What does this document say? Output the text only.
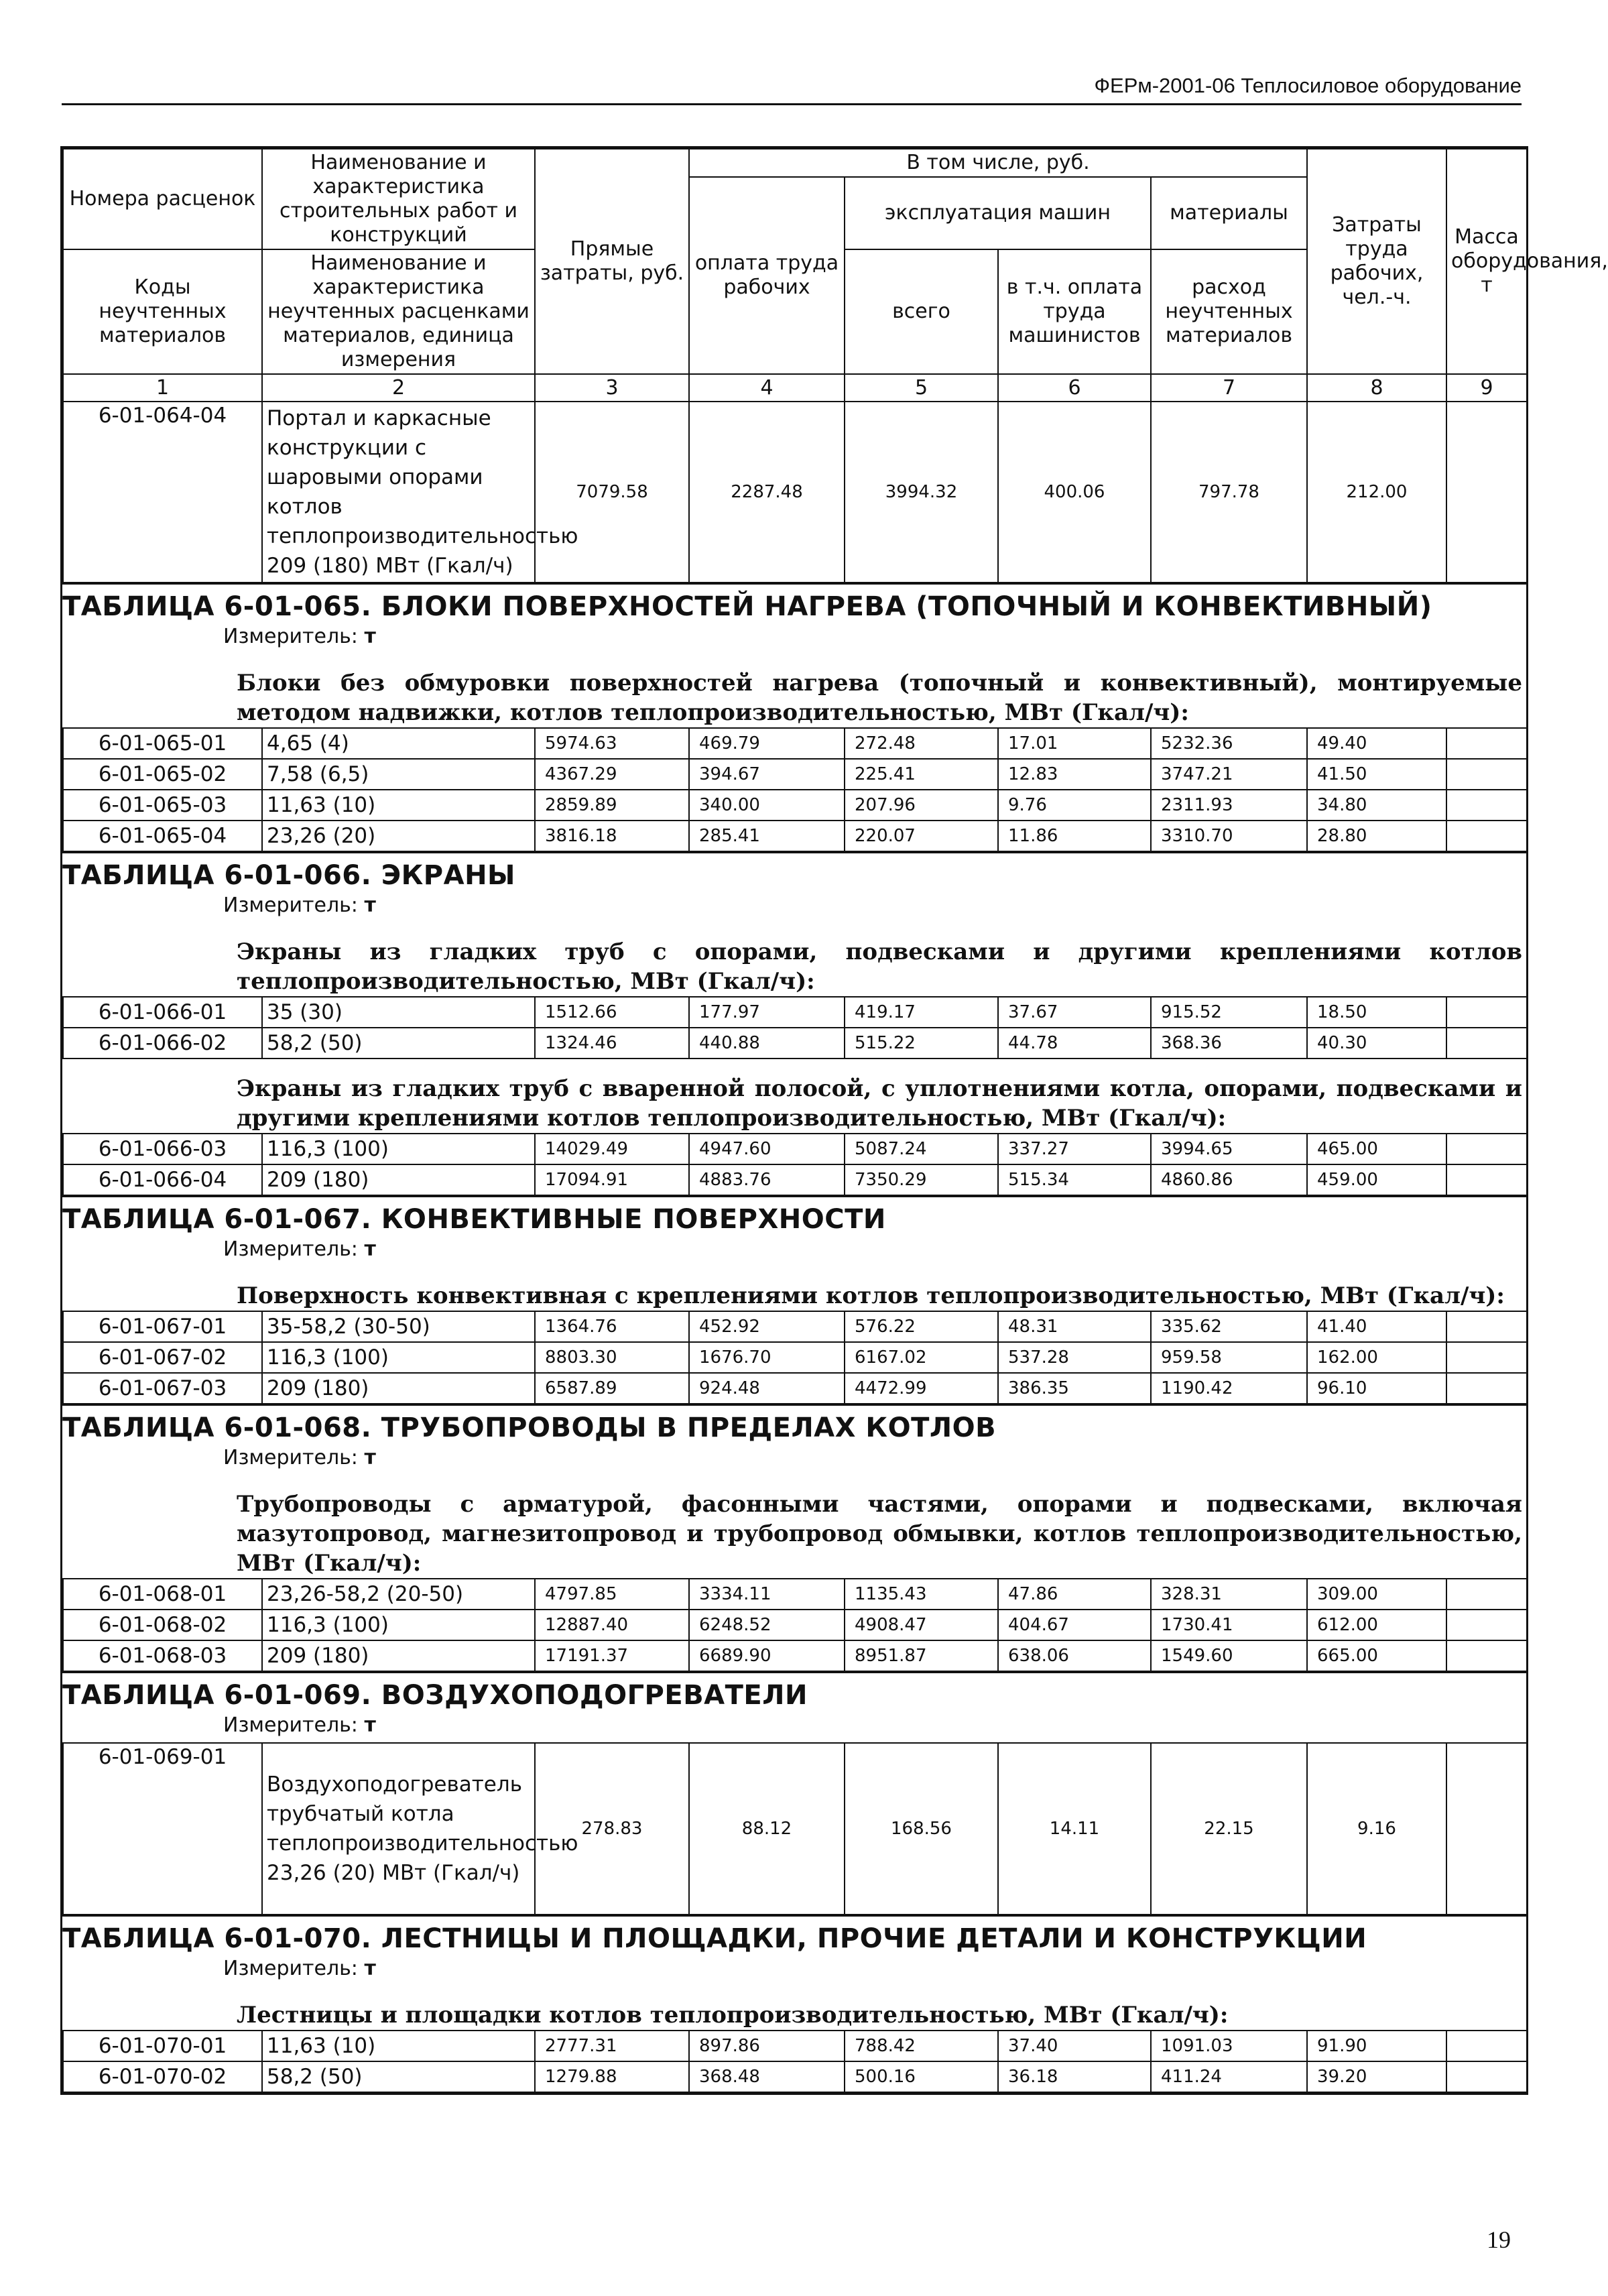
ФЕРм-2001-06 Теплосиловое оборудование
Номера расценок	Наименование и характеристика строительных работ и конструкций	Прямые затраты, руб.	В том числе, руб.				Затраты труда рабочих, чел.-ч.	Масса оборудования, т
			оплата труда рабочих	эксплуатация машин		материалы		

Коды неучтенных материалов	Наименование и характеристика неучтенных расценками материалов, единица измерения			всего	в т.ч. оплата труда машинистов	расход неучтенных материалов		

1	2	3	4	5	6	7	8	9
6-01-064-04	Портал и каркасные конструкции с шаровыми опорами котлов теплопроизводительностью 209 (180) МВт (Гкал/ч)	7079.58	2287.48	3994.32	400.06	797.78	212.00	
ТАБЛИЦА 6-01-065. БЛОКИ ПОВЕРХНОСТЕЙ НАГРЕВА (ТОПОЧНЫЙ И КОНВЕКТИВНЫЙ)
Измеритель: т
Блоки без обмуровки поверхностей нагрева (топочный и конвективный), монтируемые методом надвижки, котлов теплопроизводительностью, МВт (Гкал/ч):
6-01-065-01	4,65 (4)	5974.63	469.79	272.48	17.01	5232.36	49.40	
6-01-065-02	7,58 (6,5)	4367.29	394.67	225.41	12.83	3747.21	41.50	
6-01-065-03	11,63 (10)	2859.89	340.00	207.96	9.76	2311.93	34.80	
6-01-065-04	23,26 (20)	3816.18	285.41	220.07	11.86	3310.70	28.80	
ТАБЛИЦА 6-01-066. ЭКРАНЫ
Измеритель: т
Экраны из гладких труб с опорами, подвесками и другими креплениями котлов теплопроизводительностью, МВт (Гкал/ч):
6-01-066-01	35 (30)	1512.66	177.97	419.17	37.67	915.52	18.50	
6-01-066-02	58,2 (50)	1324.46	440.88	515.22	44.78	368.36	40.30	
Экраны из гладких труб с вваренной полосой, с уплотнениями котла, опорами, подвесками и другими креплениями котлов теплопроизводительностью, МВт (Гкал/ч):
6-01-066-03	116,3 (100)	14029.49	4947.60	5087.24	337.27	3994.65	465.00	
6-01-066-04	209 (180)	17094.91	4883.76	7350.29	515.34	4860.86	459.00	
ТАБЛИЦА 6-01-067. КОНВЕКТИВНЫЕ ПОВЕРХНОСТИ
Измеритель: т
Поверхность конвективная с креплениями котлов теплопроизводительностью, МВт (Гкал/ч):
6-01-067-01	35-58,2 (30-50)	1364.76	452.92	576.22	48.31	335.62	41.40	
6-01-067-02	116,3 (100)	8803.30	1676.70	6167.02	537.28	959.58	162.00	
6-01-067-03	209 (180)	6587.89	924.48	4472.99	386.35	1190.42	96.10	
ТАБЛИЦА 6-01-068. ТРУБОПРОВОДЫ В ПРЕДЕЛАХ КОТЛОВ
Измеритель: т
Трубопроводы с арматурой, фасонными частями, опорами и подвесками, включая мазутопровод, магнезитопровод и трубопровод обмывки, котлов теплопроизводительностью, МВт (Гкал/ч):
6-01-068-01	23,26-58,2 (20-50)	4797.85	3334.11	1135.43	47.86	328.31	309.00	
6-01-068-02	116,3 (100)	12887.40	6248.52	4908.47	404.67	1730.41	612.00	
6-01-068-03	209 (180)	17191.37	6689.90	8951.87	638.06	1549.60	665.00	
ТАБЛИЦА 6-01-069. ВОЗДУХОПОДОГРЕВАТЕЛИ
Измеритель: т
6-01-069-01	Воздухоподогреватель трубчатый котла теплопроизводительностью 23,26 (20) МВт (Гкал/ч)	278.83	88.12	168.56	14.11	22.15	9.16	
ТАБЛИЦА 6-01-070. ЛЕСТНИЦЫ И ПЛОЩАДКИ, ПРОЧИЕ ДЕТАЛИ И КОНСТРУКЦИИ
Измеритель: т
Лестницы и площадки котлов теплопроизводительностью, МВт (Гкал/ч):
6-01-070-01	11,63 (10)	2777.31	897.86	788.42	37.40	1091.03	91.90	
6-01-070-02	58,2 (50)	1279.88	368.48	500.16	36.18	411.24	39.20	
19
